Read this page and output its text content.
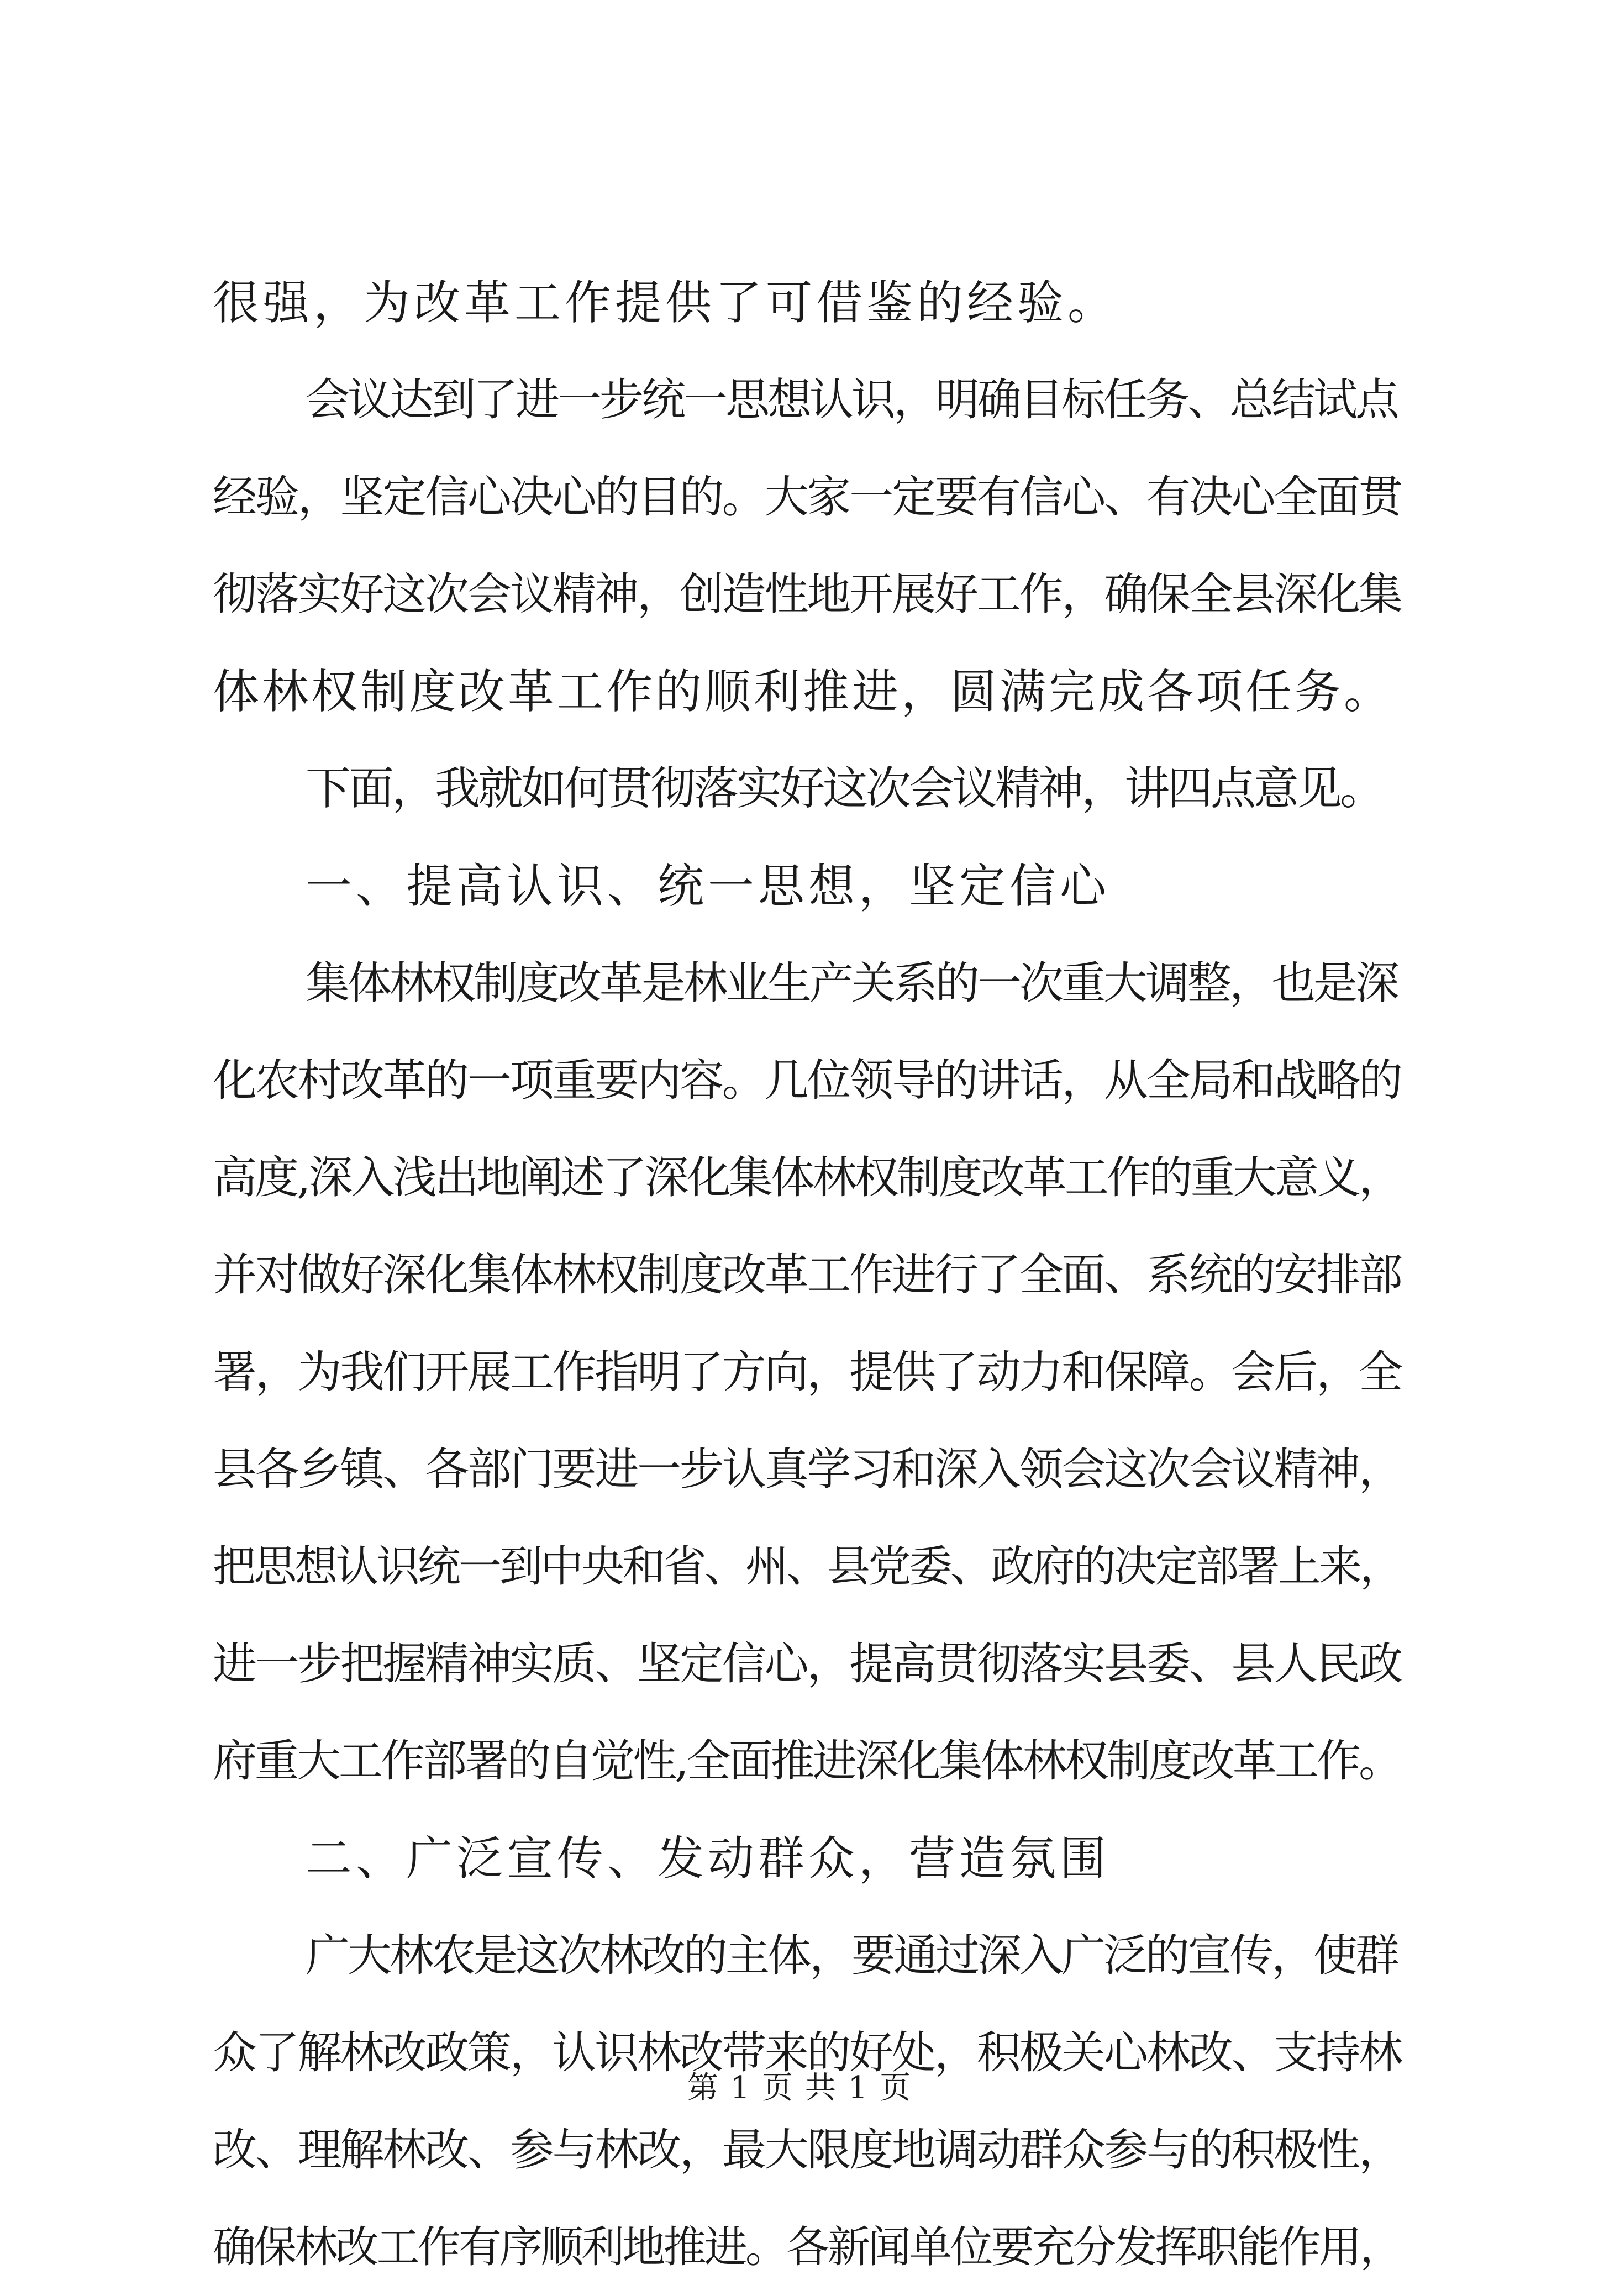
很强，为改革工作提供了可借鉴的经验。
会议达到了进一步统一思想认识，明确目标任务、总结试点
经验，坚定信心决心的目的。大家一定要有信心、有决心全面贯
彻落实好这次会议精神，创造性地开展好工作，确保全县深化集
体林权制度改革工作的顺利推进，圆满完成各项任务。
下面，我就如何贯彻落实好这次会议精神，讲四点意见。
一、提高认识、统一思想，坚定信心
集体林权制度改革是林业生产关系的一次重大调整，也是深
化农村改革的一项重要内容。几位领导的讲话，从全局和战略的
高度,深入浅出地阐述了深化集体林权制度改革工作的重大意义，
并对做好深化集体林权制度改革工作进行了全面、系统的安排部
署，为我们开展工作指明了方向，提供了动力和保障。会后，全
县各乡镇、各部门要进一步认真学习和深入领会这次会议精神，
把思想认识统一到中央和省、州、县党委、政府的决定部署上来，
进一步把握精神实质、坚定信心，提高贯彻落实县委、县人民政
府重大工作部署的自觉性,全面推进深化集体林权制度改革工作。
二、广泛宣传、发动群众，营造氛围
广大林农是这次林改的主体，要通过深入广泛的宣传，使群
众了解林改政策，认识林改带来的好处，积极关心林改、支持林
改、理解林改、参与林改，最大限度地调动群众参与的积极性，
确保林改工作有序顺利地推进。各新闻单位要充分发挥职能作用，
第 1 页 共 1 页
